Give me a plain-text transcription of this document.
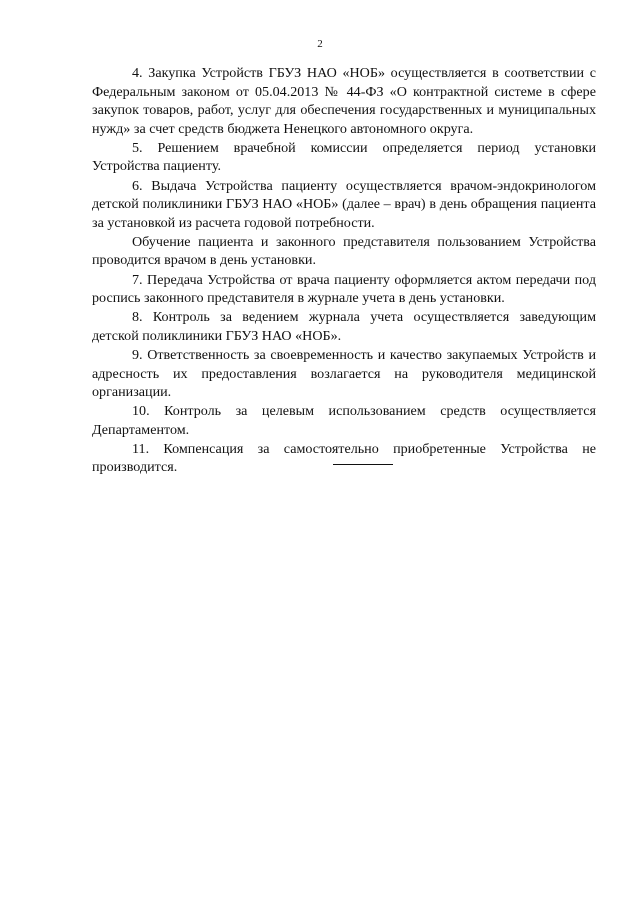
2

4. Закупка Устройств ГБУЗ НАО «НОБ» осуществляется в соответствии с Федеральным законом от 05.04.2013 № 44-ФЗ «О контрактной системе в сфере закупок товаров, работ, услуг для обеспечения государственных и муниципальных нужд» за счет средств бюджета Ненецкого автономного округа.

5. Решением врачебной комиссии определяется период установки Устройства пациенту.

6. Выдача Устройства пациенту осуществляется врачом-эндокринологом детской поликлиники ГБУЗ НАО «НОБ» (далее – врач) в день обращения пациента за установкой из расчета годовой потребности.

Обучение пациента и законного представителя пользованием Устройства проводится врачом в день установки.

7. Передача Устройства от врача пациенту оформляется актом передачи под роспись законного представителя в журнале учета в день установки.

8. Контроль за ведением журнала учета осуществляется заведующим детской поликлиники ГБУЗ НАО «НОБ».

9. Ответственность за своевременность и качество закупаемых Устройств и адресность их предоставления возлагается на руководителя медицинской организации.

10. Контроль за целевым использованием средств осуществляется Департаментом.

11. Компенсация за самостоятельно приобретенные Устройства не производится.
